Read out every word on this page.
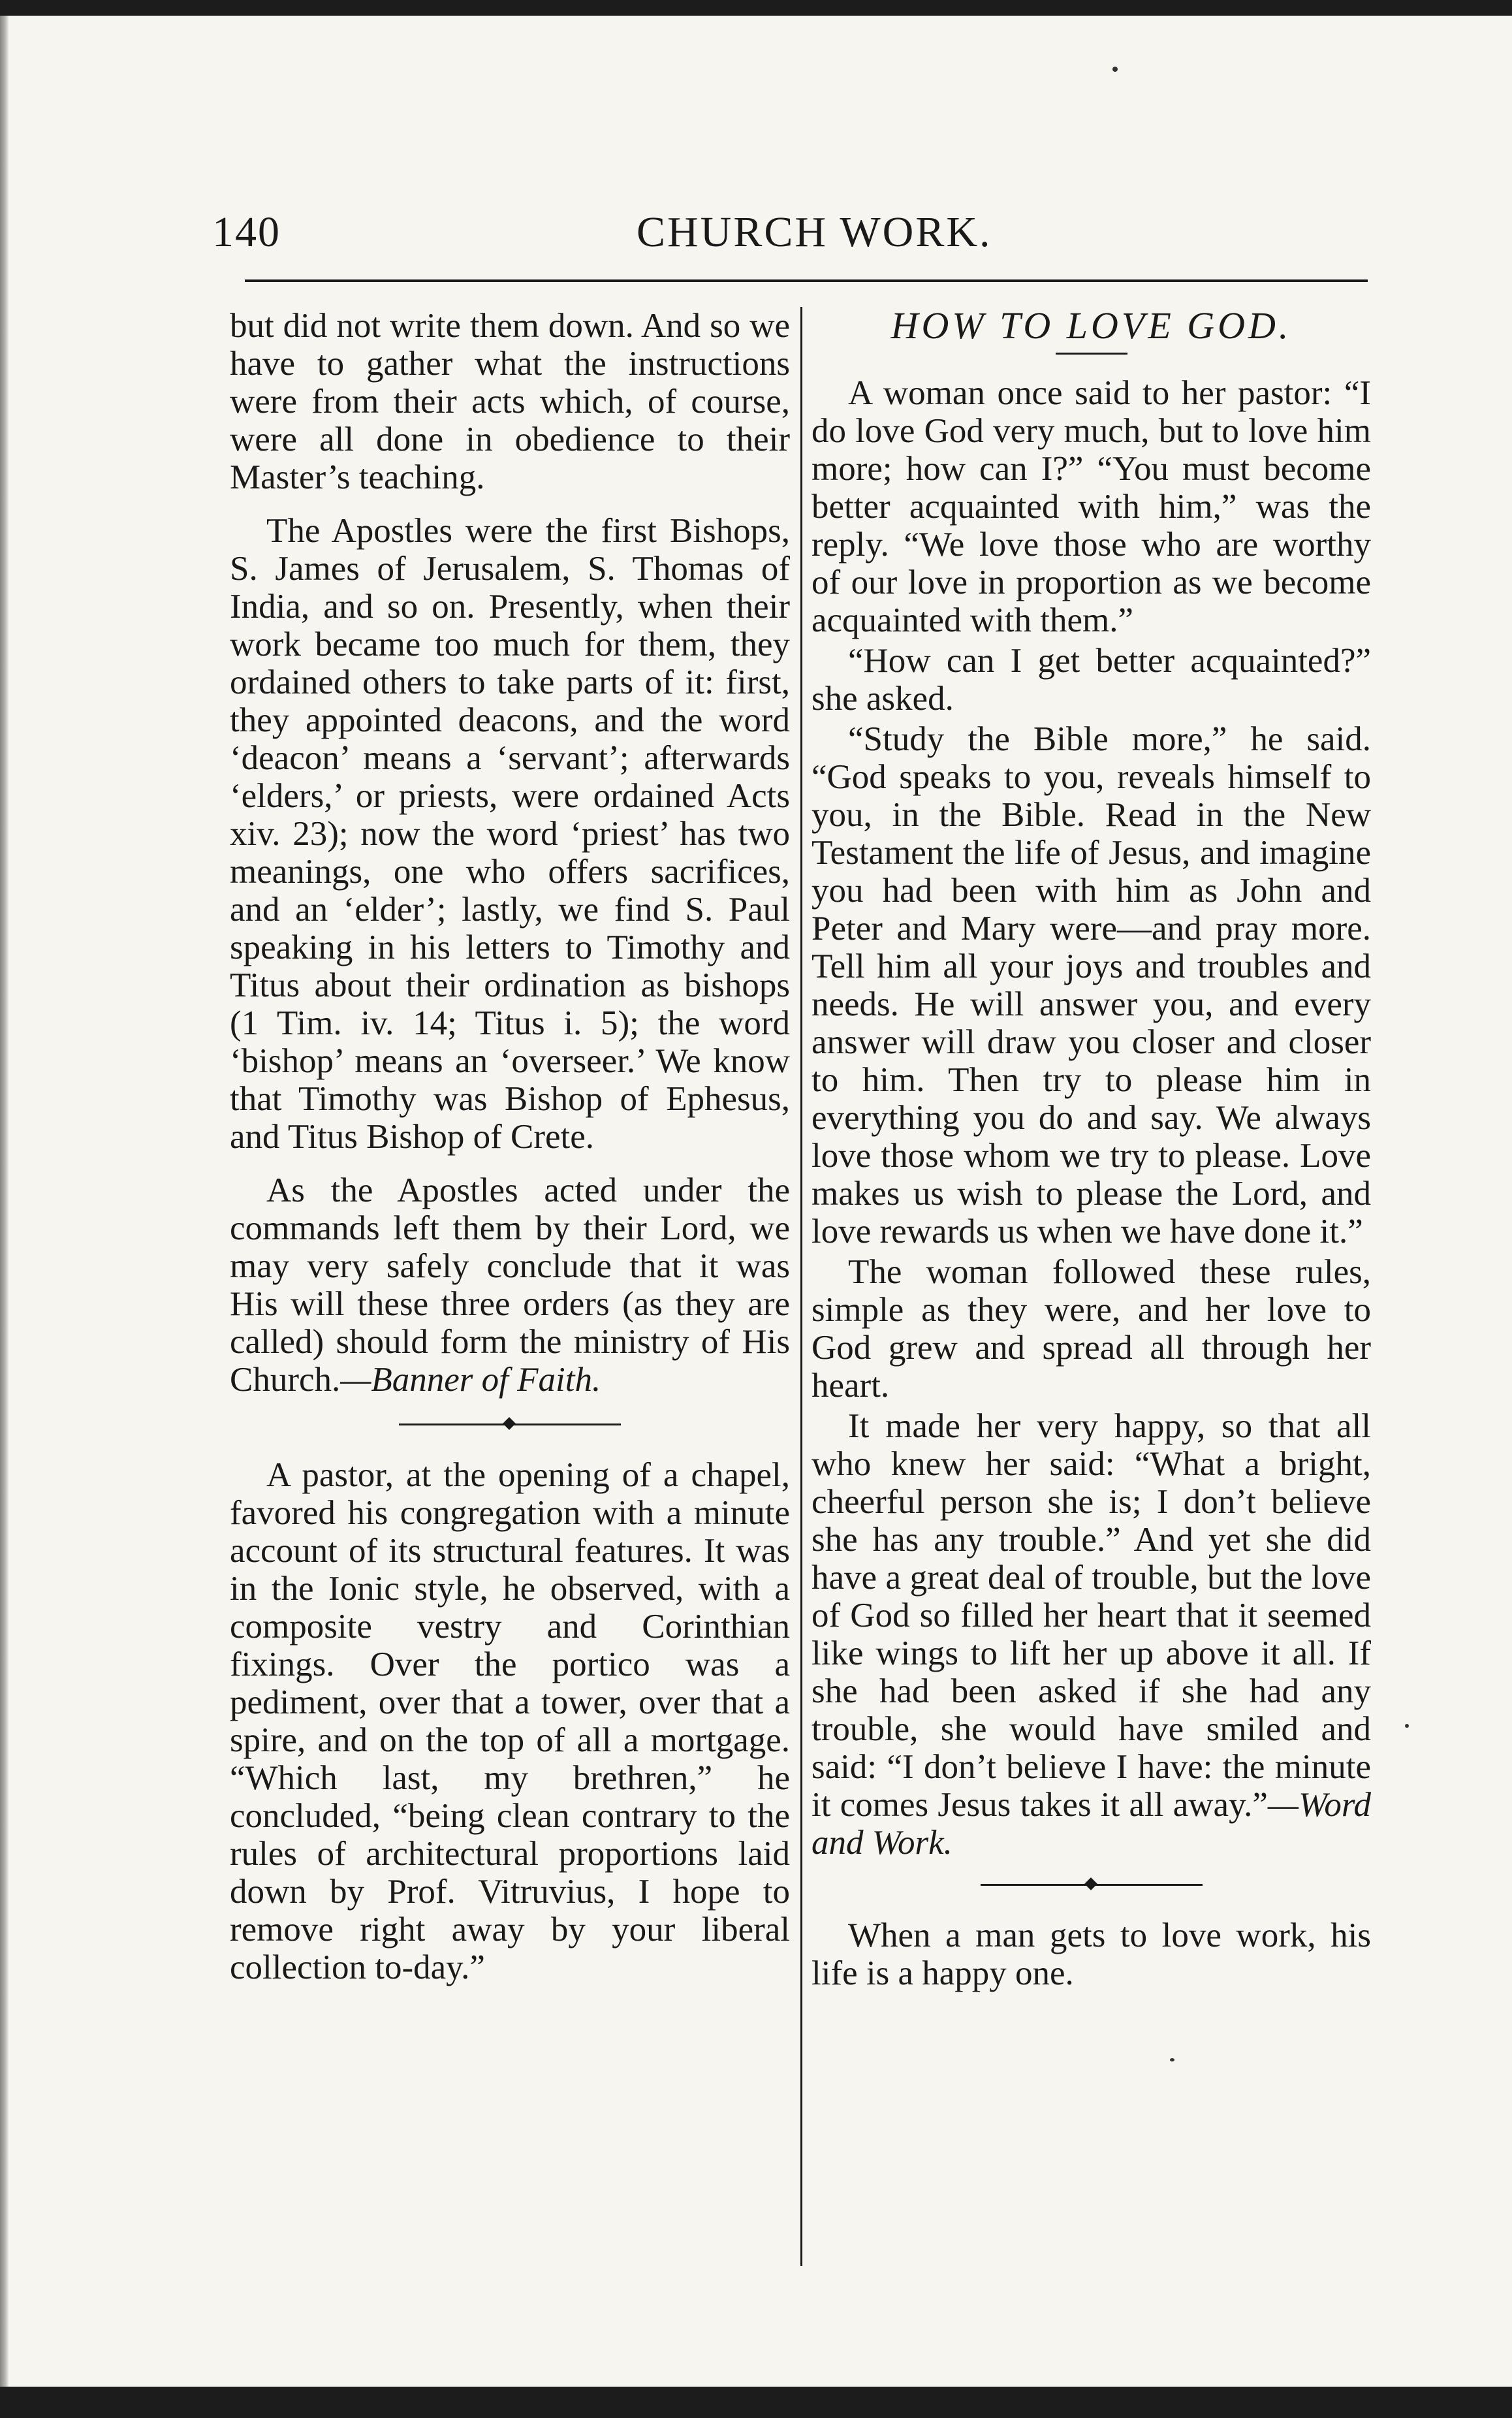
140	CHURCH WORK.

but did not write them down. And so we have to gather what the instructions were from their acts which, of course, were all done in obedience to their Master’s teaching.

The Apostles were the first Bishops, S. James of Jerusalem, S. Thomas of India, and so on. Presently, when their work became too much for them, they ordained others to take parts of it: first, they appointed deacons, and the word ‘deacon’ means a ‘servant’; afterwards ‘elders,’ or priests, were ordained Acts xiv. 23); now the word ‘priest’ has two meanings, one who offers sacrifices, and an ‘elder’; lastly, we find S. Paul speaking in his letters to Timothy and Titus about their ordination as bishops (1 Tim. iv. 14; Titus i. 5); the word ‘bishop’ means an ‘overseer.’ We know that Timothy was Bishop of Ephesus, and Titus Bishop of Crete.

As the Apostles acted under the commands left them by their Lord, we may very safely conclude that it was His will these three orders (as they are called) should form the ministry of His Church.—Banner of Faith.

A pastor, at the opening of a chapel, favored his congregation with a minute account of its structural features. It was in the Ionic style, he observed, with a composite vestry and Corinthian fixings. Over the portico was a pediment, over that a tower, over that a spire, and on the top of all a mortgage. “Which last, my brethren,” he concluded, “being clean contrary to the rules of architectural proportions laid down by Prof. Vitruvius, I hope to remove right away by your liberal collection to-day.”

HOW TO LOVE GOD.

A woman once said to her pastor: “I do love God very much, but to love him more; how can I?” “You must become better acquainted with him,” was the reply. “We love those who are worthy of our love in proportion as we become acquainted with them.”

“How can I get better acquainted?” she asked.

“Study the Bible more,” he said. “God speaks to you, reveals himself to you, in the Bible. Read in the New Testament the life of Jesus, and imagine you had been with him as John and Peter and Mary were—and pray more. Tell him all your joys and troubles and needs. He will answer you, and every answer will draw you closer and closer to him. Then try to please him in everything you do and say. We always love those whom we try to please. Love makes us wish to please the Lord, and love rewards us when we have done it.”

The woman followed these rules, simple as they were, and her love to God grew and spread all through her heart.

It made her very happy, so that all who knew her said: “What a bright, cheerful person she is; I don’t believe she has any trouble.” And yet she did have a great deal of trouble, but the love of God so filled her heart that it seemed like wings to lift her up above it all. If she had been asked if she had any trouble, she would have smiled and said: “I don’t believe I have: the minute it comes Jesus takes it all away.”—Word and Work.

When a man gets to love work, his life is a happy one.
